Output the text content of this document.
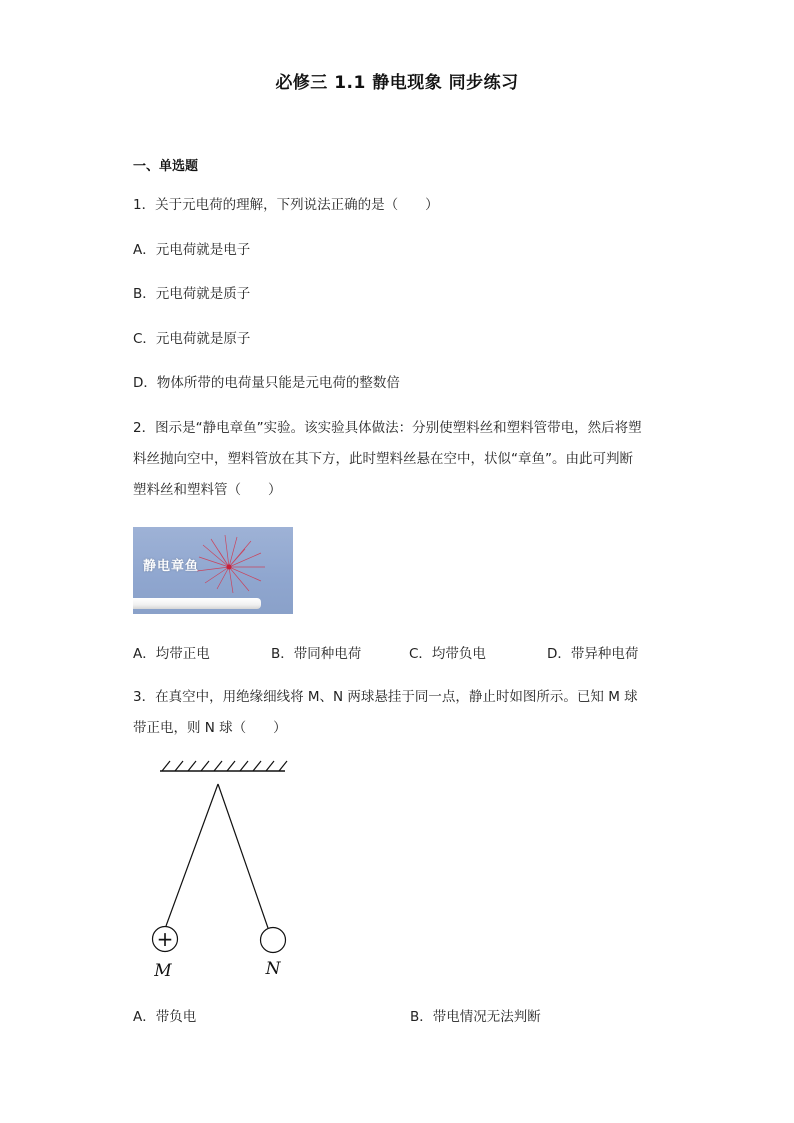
必修三 1.1 静电现象 同步练习
一、单选题
1．关于元电荷的理解，下列说法正确的是（　　）
A．元电荷就是电子
B．元电荷就是质子
C．元电荷就是原子
D．物体所带的电荷量只能是元电荷的整数倍
2．图示是“静电章鱼”实验。该实验具体做法：分别使塑料丝和塑料管带电，然后将塑
料丝抛向空中，塑料管放在其下方，此时塑料丝悬在空中，状似“章鱼”。由此可判断
塑料丝和塑料管（　　）
静电章鱼
A．均带正电	B．带同种电荷	C．均带负电	D．带异种电荷
3．在真空中，用绝缘细线将 M、N 两球悬挂于同一点，静止时如图所示。已知 M 球
带正电，则 N 球（　　）
+
M	N
A．带负电	B．带电情况无法判断
